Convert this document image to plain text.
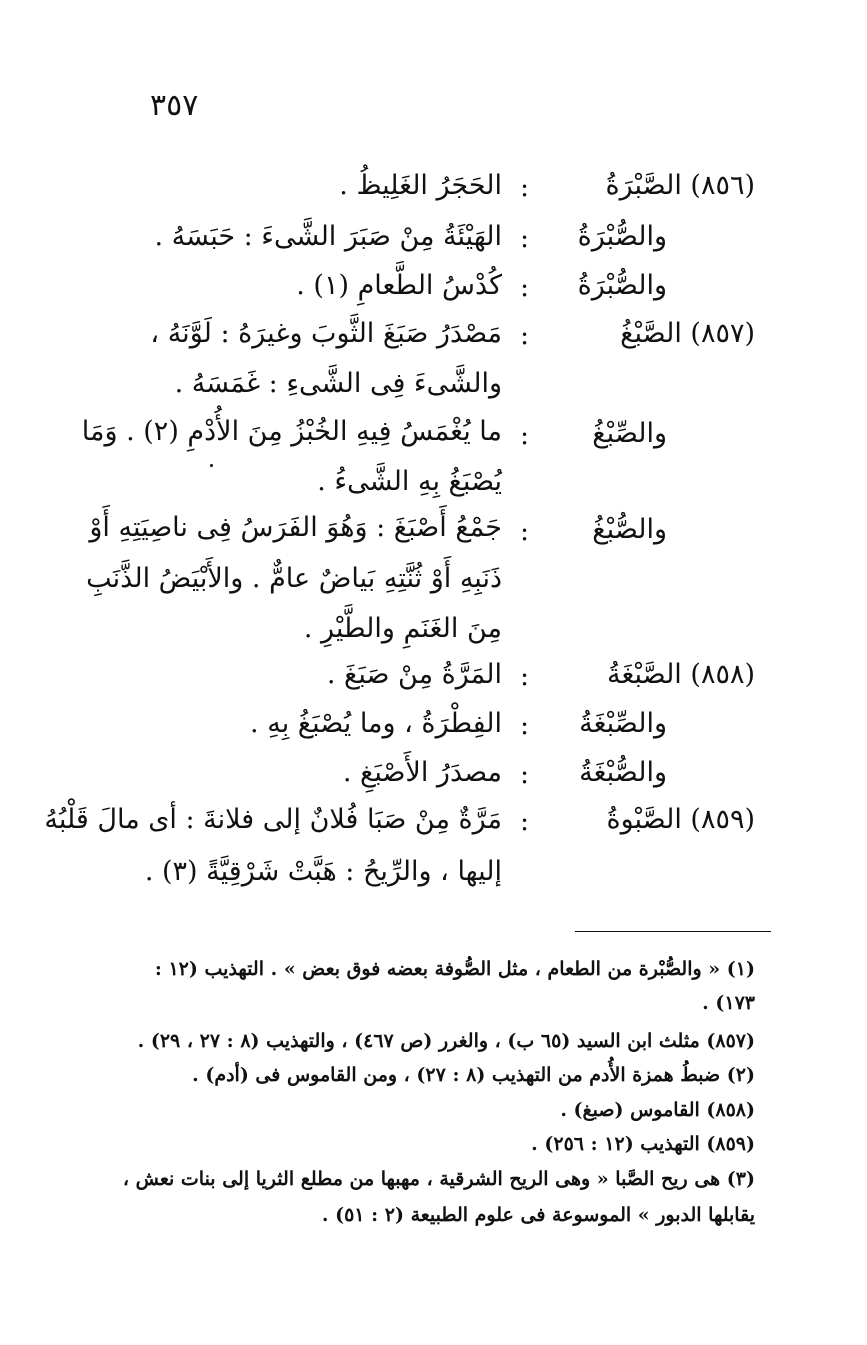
٣٥٧
(٨٥٦) الصَّبْرَةُ
:
الحَجَرُ الغَلِيظُ .
والصُّبْرَةُ
:
الهَيْئَةُ مِنْ صَبَرَ الشَّىءَ : حَبَسَهُ .
والصُّبْرَةُ
:
كُدْسُ الطَّعامِ (١) .
(٨٥٧) الصَّبْغُ
:
مَصْدَرُ صَبَغَ الثَّوبَ وغيرَهُ : لَوَّنَهُ ،
والشَّىءَ فِى الشَّىءِ : غَمَسَهُ .
والصِّبْغُ
:
ما يُغْمَسُ فِيهِ الخُبْزُ مِنَ الأُدْمِ (٢) . وَمَا
يُصْبَغُ بِهِ الشَّىءُ .
والصُّبْغُ
:
جَمْعُ أَصْبَغَ : وَهُوَ الفَرَسُ فِى ناصِيَتِهِ أَوْ
ذَنَبِهِ أَوْ ثُنَّتِهِ بَياضٌ عامٌّ . والأَبْيَضُ الذَّنَبِ
مِنَ الغَنَمِ والطَّيْرِ .
(٨٥٨) الصَّبْغَةُ
:
المَرَّةُ مِنْ صَبَغَ .
والصِّبْغَةُ
:
الفِطْرَةُ ، وما يُصْبَغُ بِهِ .
والصُّبْغَةُ
:
مصدَرُ الأَصْبَغِ .
(٨٥٩) الصَّبْوةُ
:
مَرَّةٌ مِنْ صَبَا فُلانٌ إلى فلانةَ : أى مالَ قَلْبُهُ
إليها ، والرِّيحُ : هَبَّتْ شَرْقِيَّةً (٣) .
(١) « والصُّبْرة من الطعام ، مثل الصُّوفة بعضه فوق بعض » . التهذيب (١٢ :
١٧٣) .
(٨٥٧) مثلث ابن السيد (٦٥ ب) ، والغرر (ص ٤٦٧) ، والتهذيب (٨ : ٢٧ ، ٢٩) .
(٢) ضبطُ همزة الأُدم من التهذيب (٨ : ٢٧) ، ومن القاموس فى (أدم) .
(٨٥٨) القاموس (صبغ) .
(٨٥٩) التهذيب (١٢ : ٢٥٦) .
(٣) هى ريح الصَّبا « وهى الريح الشرقية ، مهبها من مطلع الثريا إلى بنات نعش ،
يقابلها الدبور » الموسوعة فى علوم الطبيعة (٢ : ٥١) .
